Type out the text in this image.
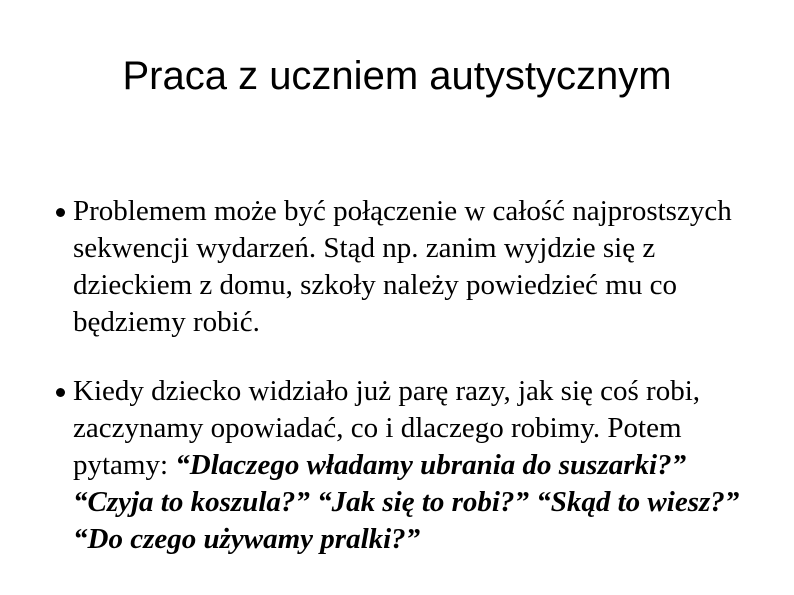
Praca z uczniem autystycznym
Problemem może być połączenie w całość najprostszych sekwencji wydarzeń. Stąd np. zanim wyjdzie się z dzieckiem z domu, szkoły należy powiedzieć mu co będziemy robić.
Kiedy dziecko widziało już parę razy, jak się coś robi, zaczynamy opowiadać, co i dlaczego robimy. Potem pytamy: “Dlaczego władamy ubrania do suszarki?” “Czyja to koszula?” “Jak się to robi?” “Skąd to wiesz?” “Do czego używamy pralki?”
